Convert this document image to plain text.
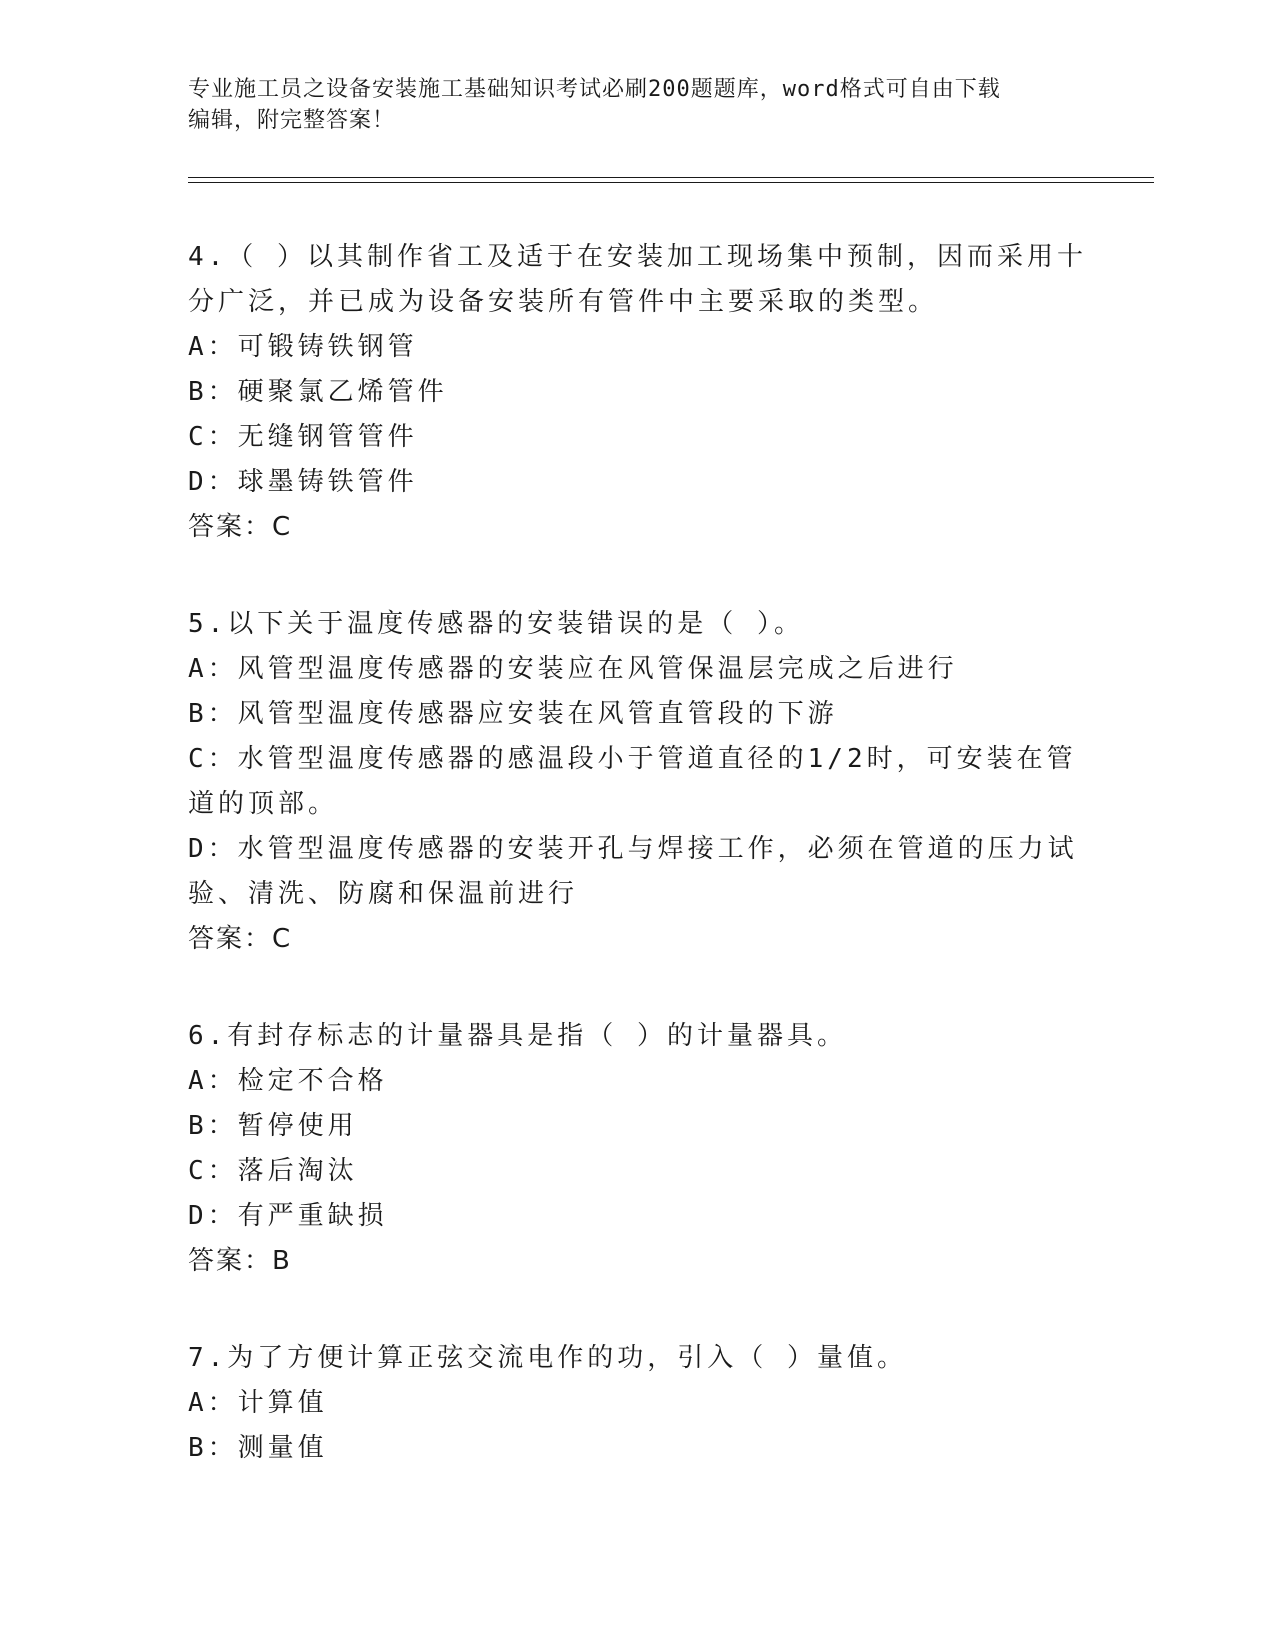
专业施工员之设备安装施工基础知识考试必刷200题题库，word格式可自由下载
编辑，附完整答案！

4.（ ）以其制作省工及适于在安装加工现场集中预制，因而采用十分广泛，并已成为设备安装所有管件中主要采取的类型。

A：可锻铸铁钢管

B：硬聚氯乙烯管件

C：无缝钢管管件

D：球墨铸铁管件

答案：C

5.以下关于温度传感器的安装错误的是（ ）。

A：风管型温度传感器的安装应在风管保温层完成之后进行

B：风管型温度传感器应安装在风管直管段的下游

C：水管型温度传感器的感温段小于管道直径的1/2时，可安装在管道的顶部。

D：水管型温度传感器的安装开孔与焊接工作，必须在管道的压力试验、清洗、防腐和保温前进行

答案：C

6.有封存标志的计量器具是指（ ）的计量器具。

A：检定不合格

B：暂停使用

C：落后淘汰

D：有严重缺损

答案：B

7.为了方便计算正弦交流电作的功，引入（ ）量值。

A：计算值

B：测量值
